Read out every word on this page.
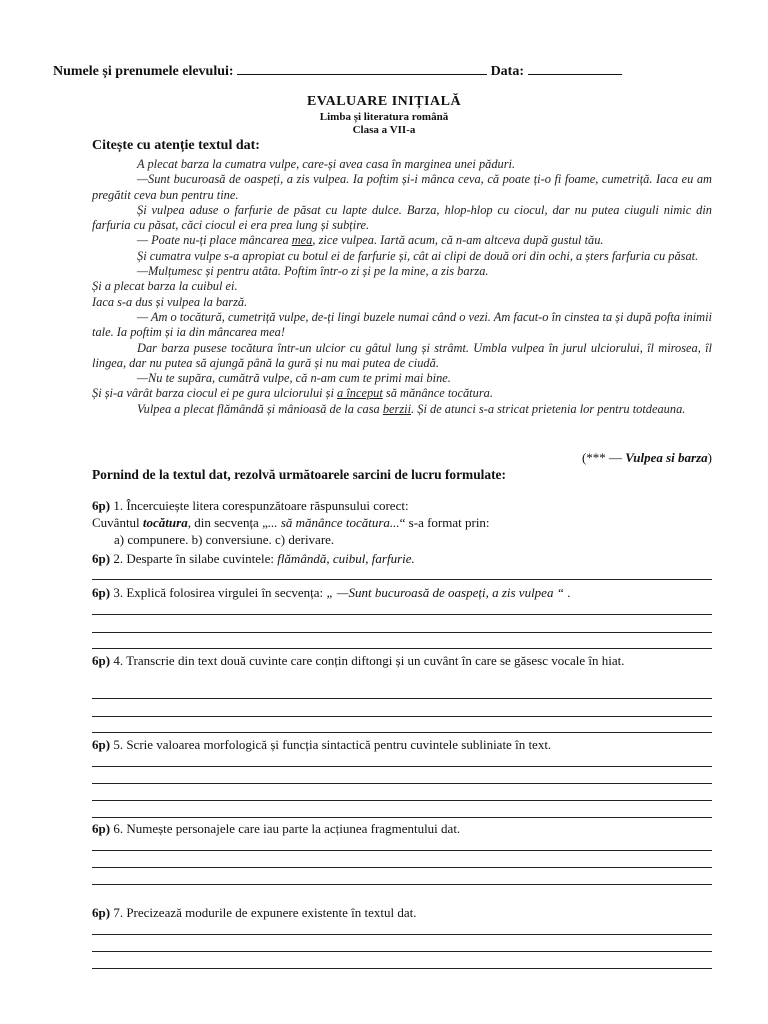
Numele și prenumele elevului:	Data:
EVALUARE INIȚIALĂ
Limba și literatura română
Clasa a VII-a
Citește cu atenție textul dat:

A plecat barza la cumatra vulpe, care-și avea casa în marginea unei păduri.

—Sunt bucuroasă de oaspeți, a zis vulpea. Ia poftim și-i mânca ceva, că poate ți-o fi foame, cumetriță. Iaca eu am pregătit ceva bun pentru tine.

Și vulpea aduse o farfurie de păsat cu lapte dulce. Barza, hlop-hlop cu ciocul, dar nu putea ciuguli nimic din farfuria cu păsat, căci ciocul ei era prea lung și subțire.

— Poate nu-ți place mâncarea mea, zice vulpea. Iartă acum, că n-am altceva după gustul tău.

Și cumatra vulpe s-a apropiat cu botul ei de farfurie și, cât ai clipi de două ori din ochi, a șters farfuria cu păsat.

—Mulțumesc și pentru atâta. Poftim într-o zi și pe la mine, a zis barza.

Și a plecat barza la cuibul ei.

Iaca s-a dus și vulpea la barză.

— Am o tocătură, cumetriță vulpe, de-ți lingi buzele numai când o vezi. Am facut-o în cinstea ta și după pofta inimii tale. Ia poftim și ia din mâncarea mea!

Dar barza pusese tocătura într-un ulcior cu gâtul lung și strâmt. Umbla vulpea în jurul ulciorului, îl mirosea, îl lingea, dar nu putea să ajungă până la gură și nu mai putea de ciudă.

—Nu te supăra, cumătră vulpe, că n-am cum te primi mai bine.

Și și-a vârât barza ciocul ei pe gura ulciorului și a început să mănânce tocătura.

Vulpea a plecat flămândă și mânioasă de la casa berzii. Și de atunci s-a stricat prietenia lor pentru totdeauna.

(*** — Vulpea si barza)
Pornind de la textul dat, rezolvă următoarele sarcini de lucru formulate:
6p) 1. Încercuiește litera corespunzătoare răspunsului corect:
Cuvântul tocătura, din secvența „... să mănânce tocătura...“ s-a format prin:
a) compunere. b) conversiune. c) derivare.
6p) 2. Desparte în silabe cuvintele: flămândă, cuibul, farfurie.
6p) 3. Explică folosirea virgulei în secvența: „ —Sunt bucuroasă de oaspeți, a zis vulpea “ .
6p) 4. Transcrie din text două cuvinte care conțin diftongi și un cuvânt în care se găsesc vocale în hiat.
6p) 5. Scrie valoarea morfologică și funcția sintactică pentru cuvintele subliniate în text.
6p) 6. Numește personajele care iau parte la acțiunea fragmentului dat.
6p) 7. Precizează modurile de expunere existente în textul dat.
